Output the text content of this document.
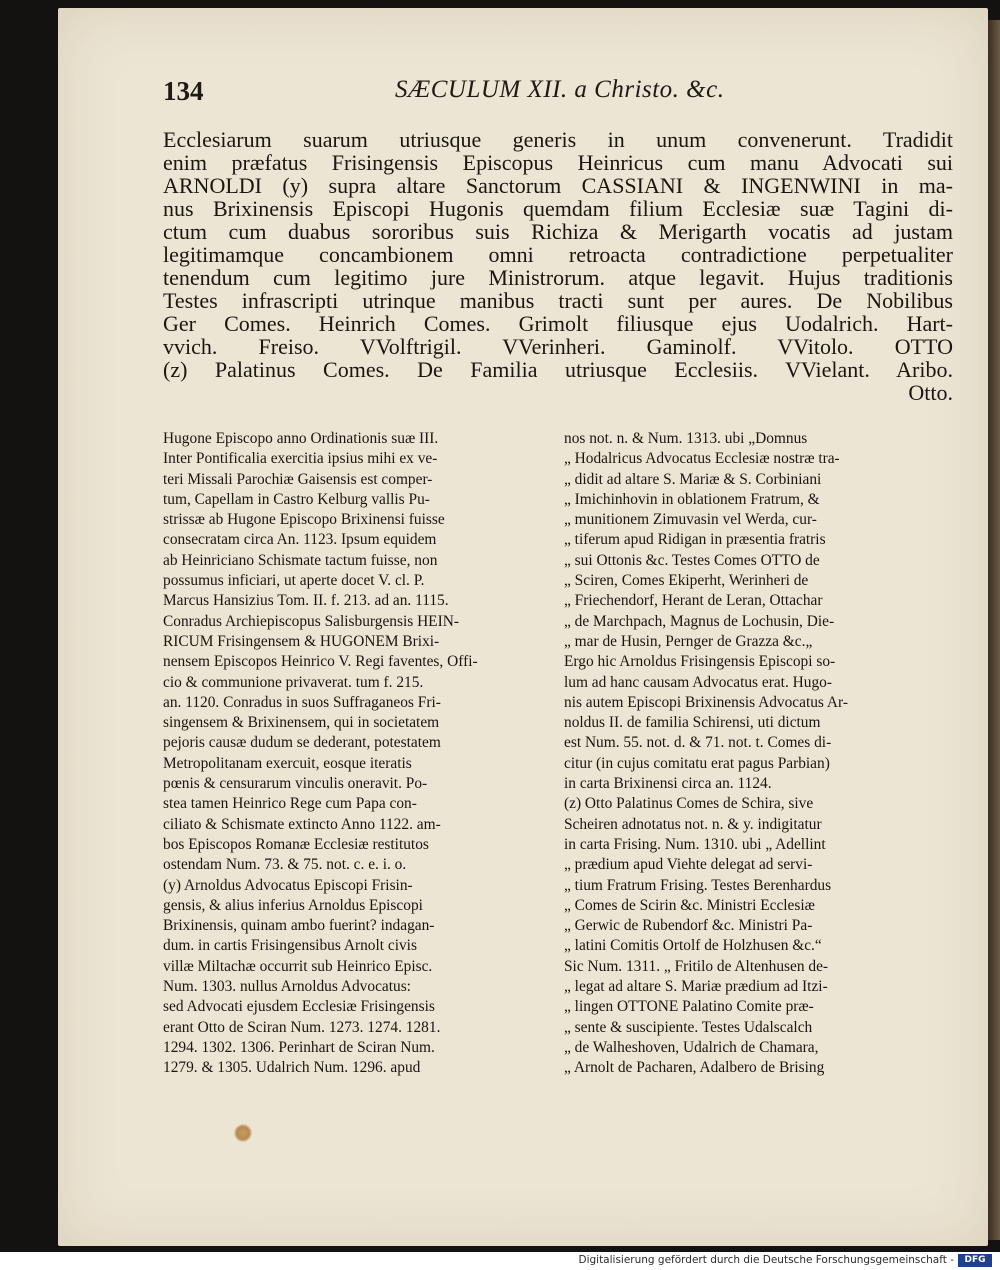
134	SÆCULUM XII. a Christo. &c.
Ecclesiarum suarum utriusque generis in unum convenerunt. Tradidit
enim præfatus Frisingensis Episcopus Heinricus cum manu Advocati sui
ARNOLDI (y) supra altare Sanctorum CASSIANI & INGENWINI in ma-
nus Brixinensis Episcopi Hugonis quemdam filium Ecclesiæ suæ Tagini di-
ctum cum duabus sororibus suis Richiza & Merigarth vocatis ad justam
legitimamque concambionem omni retroacta contradictione perpetualiter
tenendum cum legitimo jure Ministrorum. atque legavit. Hujus traditionis
Testes infrascripti utrinque manibus tracti sunt per aures. De Nobilibus
Ger Comes. Heinrich Comes. Grimolt filiusque ejus Uodalrich. Hart-
vvich. Freiso. VVolftrigil. VVerinheri. Gaminolf. VVitolo. OTTO
(z) Palatinus Comes. De Familia utriusque Ecclesiis. VVielant. Aribo.
Otto.
Hugone Episcopo anno Ordinationis suæ III.
Inter Pontificalia exercitia ipsius mihi ex ve-
teri Missali Parochiæ Gaisensis est comper-
tum, Capellam in Castro Kelburg vallis Pu-
strissæ ab Hugone Episcopo Brixinensi fuisse
consecratam circa An. 1123. Ipsum equidem
ab Heinriciano Schismate tactum fuisse, non
possumus inficiari, ut aperte docet V. cl. P.
Marcus Hansizius Tom. II. f. 213. ad an. 1115.
Conradus Archiepiscopus Salisburgensis HEIN-
RICUM Frisingensem & HUGONEM Brixi-
nensem Episcopos Heinrico V. Regi faventes, Offi-
cio & communione privaverat. tum f. 215.
an. 1120. Conradus in suos Suffraganeos Fri-
singensem & Brixinensem, qui in societatem
pejoris causæ dudum se dederant, potestatem
Metropolitanam exercuit, eosque iteratis
pœnis & censurarum vinculis oneravit. Po-
stea tamen Heinrico Rege cum Papa con-
ciliato & Schismate extincto Anno 1122. am-
bos Episcopos Romanæ Ecclesiæ restitutos
ostendam Num. 73. & 75. not. c. e. i. o.
(y) Arnoldus Advocatus Episcopi Frisin-
gensis, & alius inferius Arnoldus Episcopi
Brixinensis, quinam ambo fuerint? indagan-
dum. in cartis Frisingensibus Arnolt civis
villæ Miltachæ occurrit sub Heinrico Episc.
Num. 1303. nullus Arnoldus Advocatus:
sed Advocati ejusdem Ecclesiæ Frisingensis
erant Otto de Sciran Num. 1273. 1274. 1281.
1294. 1302. 1306. Perinhart de Sciran Num.
1279. & 1305. Udalrich Num. 1296. apud
nos not. n. & Num. 1313. ubi „Domnus
„ Hodalricus Advocatus Ecclesiæ nostræ tra-
„ didit ad altare S. Mariæ & S. Corbiniani
„ Imichinhovin in oblationem Fratrum, &
„ munitionem Zimuvasin vel Werda, cur-
„ tiferum apud Ridigan in præsentia fratris
„ sui Ottonis &c. Testes Comes OTTO de
„ Sciren, Comes Ekiperht, Werinheri de
„ Friechendorf, Herant de Leran, Ottachar
„ de Marchpach, Magnus de Lochusin, Die-
„ mar de Husin, Pernger de Grazza &c.„
Ergo hic Arnoldus Frisingensis Episcopi so-
lum ad hanc causam Advocatus erat. Hugo-
nis autem Episcopi Brixinensis Advocatus Ar-
noldus II. de familia Schirensi, uti dictum
est Num. 55. not. d. & 71. not. t. Comes di-
citur (in cujus comitatu erat pagus Parbian)
in carta Brixinensi circa an. 1124.
(z) Otto Palatinus Comes de Schira, sive
Scheiren adnotatus not. n. & y. indigitatur
in carta Frising. Num. 1310. ubi „ Adellint
„ prædium apud Viehte delegat ad servi-
„ tium Fratrum Frising. Testes Berenhardus
„ Comes de Scirin &c. Ministri Ecclesiæ
„ Gerwic de Rubendorf &c. Ministri Pa-
„ latini Comitis Ortolf de Holzhusen &c.“
Sic Num. 1311. „ Fritilo de Altenhusen de-
„ legat ad altare S. Mariæ prædium ad Itzi-
„ lingen OTTONE Palatino Comite præ-
„ sente & suscipiente. Testes Udalscalch
„ de Walheshoven, Udalrich de Chamara,
„ Arnolt de Pacharen, Adalbero de Brising
Digitalisierung gefördert durch die Deutsche Forschungsgemeinschaft -	DFG
